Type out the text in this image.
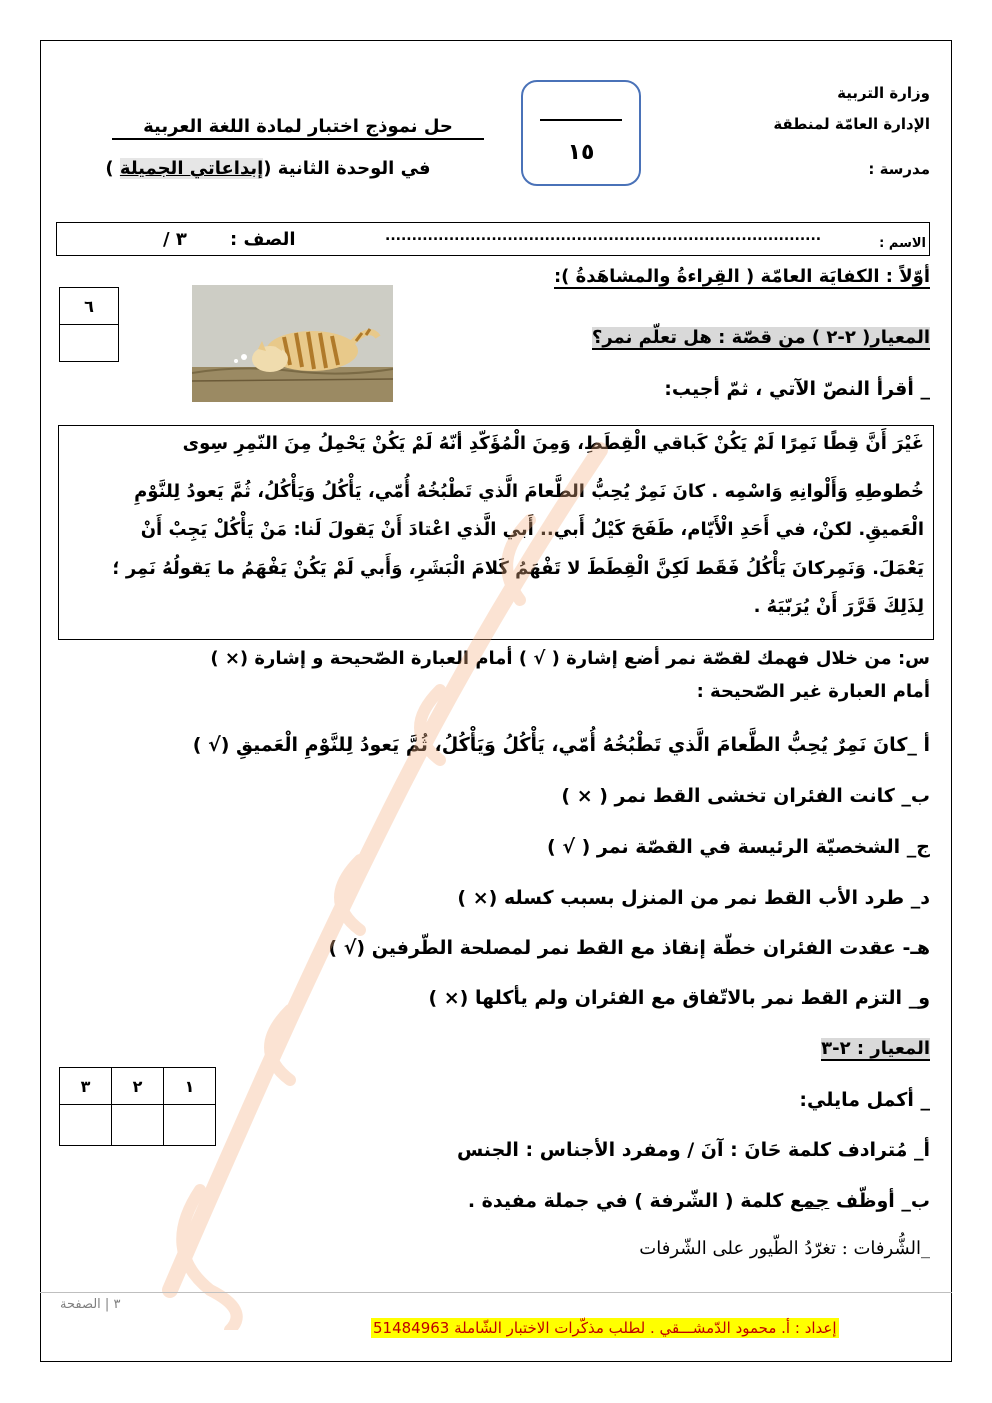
وزارة التربية
الإدارة العامّة لمنطقة
مدرسة :
١٥
حل نموذج اختبار لمادة اللغة العربية
في الوحدة الثانية (إبداعاتي الجميلة )
الاسم :
..................................................................................
الصف :
٣ /
أوّلاً : الكفايَة العامّة ( القِراءةُ والمشاهَدةُ ):
٦

المعيار( ٢-٢ ) من قصّة : هل تعلّم نمر؟
_ أقرأ النصّ الآتي ، ثمّ أجيب:
غَيْرَ أَنَّ قِطًا نَمِرًا لَمْ يَكُنْ كَباقي الْقِطَطِ، وَمِنَ الْمُؤَكّدِ أنّهُ لَمْ يَكُنْ يَحْمِلُ مِنَ النّمِرِ سِوى
خُطوطِهِ وَأَلْوانِهِ وَاسْمِه . كانَ نَمِرٌ يُحِبُّ الطَّعامَ الَّذي تَطْبُخُهُ أُمّي، يَأْكُلُ وَيَأْكُلُ، ثُمَّ يَعودُ لِلنَّوْمِ
الْعَميقِ. لكنْ، في أَحَدِ الْأَيّام، طَفَحَ كَيْلُ أَبي.. أَبي الَّذي اعْتادَ أَنْ يَقولَ لَنا: مَنْ يَأْكُلْ يَجِبْ أَنْ
يَعْمَلَ. وَنَمِركانَ يَأْكُلُ فَقَط لَكِنَّ الْقِطَطَ لا تَفْهَمُ كَلامَ الْبَشَرِ، وَأَبي لَمْ يَكُنْ يَفْهَمُ ما يَقولُهُ نَمِر ؛
لِذَلِكَ قَرَّرَ أَنْ يُرَبّيَهُ .
س: من خلال فهمك لقصّة نمر أضع إشارة ( √ ) أمام العبارة الصّحيحة و إشارة (× )
أمام العبارة غير الصّحيحة :
أ _كانَ نَمِرٌ يُحِبُّ الطَّعامَ الَّذي تَطْبُخُهُ أُمّي، يَأْكُلُ وَيَأْكُلُ، ثُمَّ يَعودُ لِلنَّوْمِ الْعَميقِ (√ )
ب_ كانت الفئران تخشى القط نمر ( × )
ج_ الشخصيّة الرئيسة في القصّة نمر ( √ )
د_ طرد الأب القط نمر من المنزل بسبب كسله (× )
هـ- عقدت الفئران خطّة إنقاذ مع القط نمر لمصلحة الطّرفين (√ )
و_ التزم القط نمر بالاتّفاق مع الفئران ولم يأكلها (× )
المعيار : ٢-٣
١	٢	٣

_ أكمل مايلي:
أ_ مُترادف كلمة حَانَ : آنَ / ومفرد الأجناس : الجنس
ب_ أوظّف جمع كلمة ( الشّرفة ) في جملة مفيدة .
_الشُّرفات : تغرّدُ الطّيور على الشّرفات
٣ | الصفحة
إعداد : أ. محمود الدّمشـــقي . لطلب مذكّرات الاختبار الشّاملة 51484963
